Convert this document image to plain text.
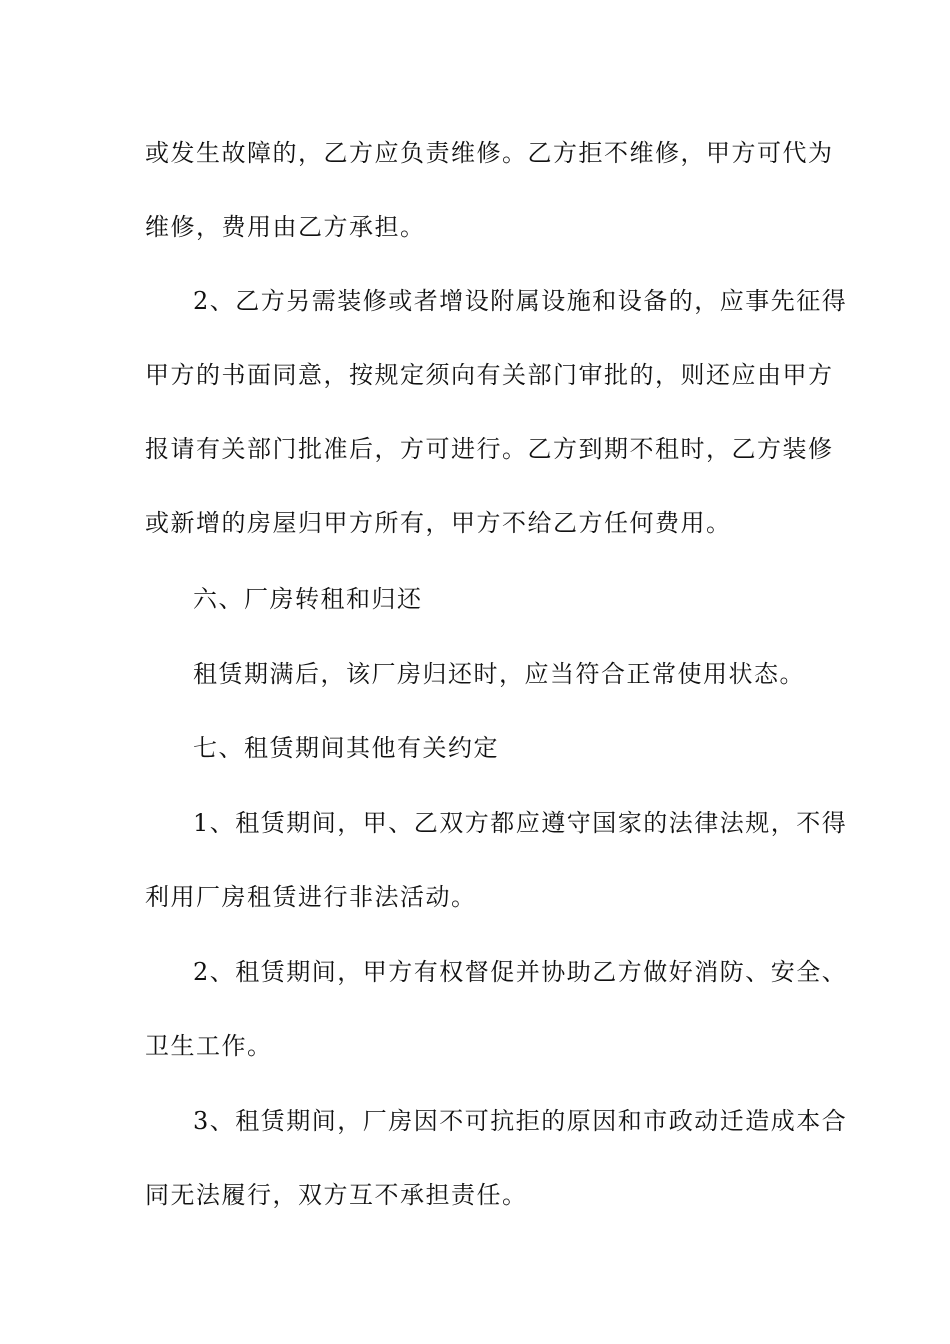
或发生故障的，乙方应负责维修。乙方拒不维修，甲方可代为
维修，费用由乙方承担。
2、乙方另需装修或者增设附属设施和设备的，应事先征得
甲方的书面同意，按规定须向有关部门审批的，则还应由甲方
报请有关部门批准后，方可进行。乙方到期不租时，乙方装修
或新增的房屋归甲方所有，甲方不给乙方任何费用。
六、厂房转租和归还
租赁期满后，该厂房归还时，应当符合正常使用状态。
七、租赁期间其他有关约定
1、租赁期间，甲、乙双方都应遵守国家的法律法规，不得
利用厂房租赁进行非法活动。
2、租赁期间，甲方有权督促并协助乙方做好消防、安全、
卫生工作。
3、租赁期间，厂房因不可抗拒的原因和市政动迁造成本合
同无法履行，双方互不承担责任。
